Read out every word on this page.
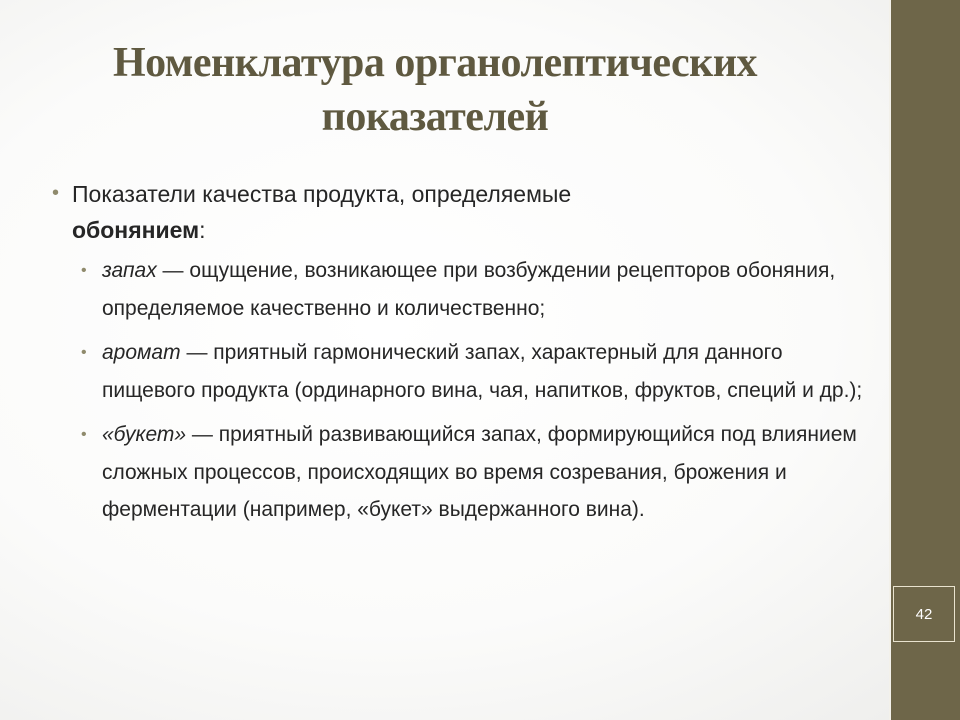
42
Номенклатура органолептических
показателей
• Показатели качества продукта, определяемые
обонянием:
• запах — ощущение, возникающее при возбуждении рецепторов обоняния, определяемое качественно и количественно;
• аромат — приятный гармонический запах, характерный для данного пищевого продукта (ординарного вина, чая, напитков, фруктов, специй и др.);
• «букет» — приятный развивающийся запах, формирующийся под влиянием сложных процессов, происходящих во время созревания, брожения и ферментации (например, «букет» выдержанного вина).
